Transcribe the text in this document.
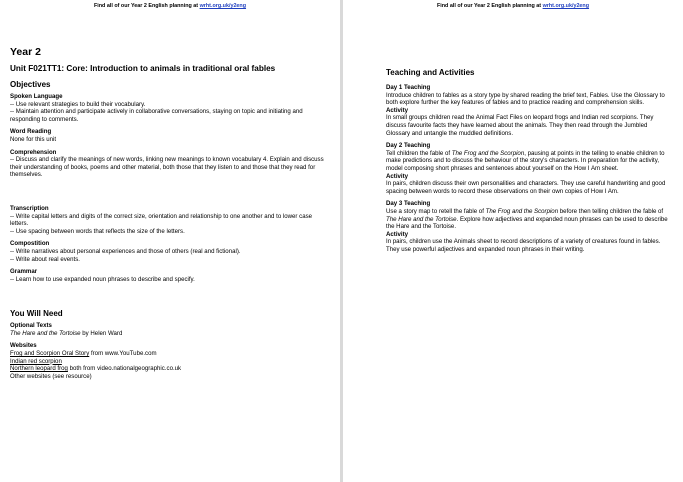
Find all of our Year 2 English planning at wrht.org.uk/y2eng
Year 2
Unit F021TT1: Core: Introduction to animals in traditional oral fables
Objectives
Spoken Language
-- Use relevant strategies to build their vocabulary.
-- Maintain attention and participate actively in collaborative conversations, staying on topic and initiating and responding to comments.
Word Reading
None for this unit
Comprehension
-- Discuss and clarify the meanings of new words, linking new meanings to known vocabulary 4. Explain and discuss their understanding of books, poems and other material, both those that they listen to and those that they read for themselves.
Transcription
-- Write capital letters and digits of the correct size, orientation and relationship to one another and to lower case letters.
-- Use spacing between words that reflects the size of the letters.
Compostition
-- Write narratives about personal experiences and those of others (real and fictional).
-- Write about real events.
Grammar
-- Learn how to use expanded noun phrases to describe and specify.
You Will Need
Optional Texts
The Hare and the Tortoise by Helen Ward
Websites
Frog and Scorpion Oral Story from www.YouTube.com
Indian red scorpion
Northern leopard frog both from video.nationalgeographic.co.uk
Other websites (see resource)
Find all of our Year 2 English planning at wrht.org.uk/y2eng
Teaching and Activities
Day 1 Teaching
Introduce children to fables as a story type by shared reading the brief text, Fables. Use the Glossary to both explore further the key features of fables and to practice reading and comprehension skills.
Activity
In small groups children read the Animal Fact Files on leopard frogs and Indian red scorpions. They discuss favourite facts they have learned about the animals. They then read through the Jumbled Glossary and untangle the muddled definitions.
Day 2 Teaching
Tell children the fable of The Frog and the Scorpion, pausing at points in the telling to enable children to make predictions and to discuss the behaviour of the story's characters. In preparation for the activity, model composing short phrases and sentences about yourself on the How I Am sheet.
Activity
In pairs, children discuss their own personalities and characters. They use careful handwriting and good spacing between words to record these observations on their own copies of How I Am.
Day 3 Teaching
Use a story map to retell the fable of The Frog and the Scorpion before then telling children the fable of The Hare and the Tortoise. Explore how adjectives and expanded noun phrases can be used to describe the Hare and the Tortoise.
Activity
In pairs, children use the Animals sheet to record descriptions of a variety of creatures found in fables. They use powerful adjectives and expanded noun phrases in their writing.
